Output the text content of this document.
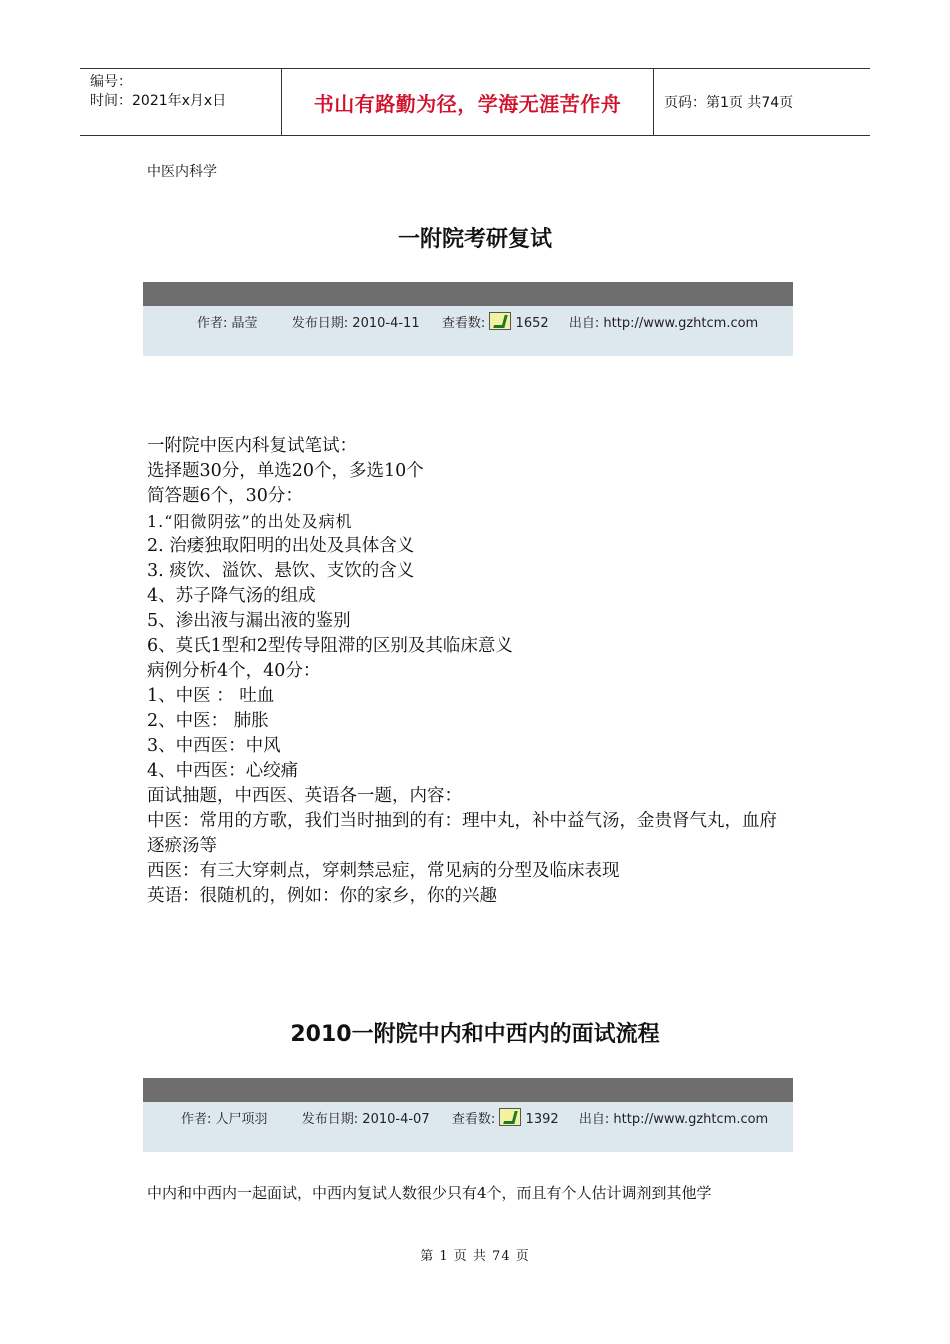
编号：
时间：2021年x月x日	书山有路勤为径，学海无涯苦作舟	页码：第1页 共74页
中医内科学
一附院考研复试
作者: 晶莹	发布日期: 2010-4-11 查看数: 1652 出自: http://www.gzhtcm.com

一附院中医内科复试笔试：

选择题30分，单选20个，多选10个

简答题6个，30分：

1.“阳微阴弦”的出处及病机

2. 治痿独取阳明的出处及具体含义

3. 痰饮、溢饮、悬饮、支饮的含义

4、苏子降气汤的组成

5、渗出液与漏出液的鉴别

6、莫氏1型和2型传导阻滞的区别及其临床意义

病例分析4个，40分：

1、中医 ： 吐血

2、中医： 肺胀

3、中西医：中风

4、中西医：心绞痛

面试抽题，中西医、英语各一题，内容：

中医：常用的方歌，我们当时抽到的有：理中丸，补中益气汤，金贵肾气丸，血府逐瘀汤等

西医：有三大穿刺点，穿刺禁忌症，常见病的分型及临床表现

英语：很随机的，例如：你的家乡，你的兴趣

2010一附院中内和中西内的面试流程
作者: 人尸项羽	发布日期: 2010-4-07 查看数: 1392 出自: http://www.gzhtcm.com
中内和中西内一起面试，中西内复试人数很少只有4个，而且有个人估计调剂到其他学
第 1 页 共 74 页
